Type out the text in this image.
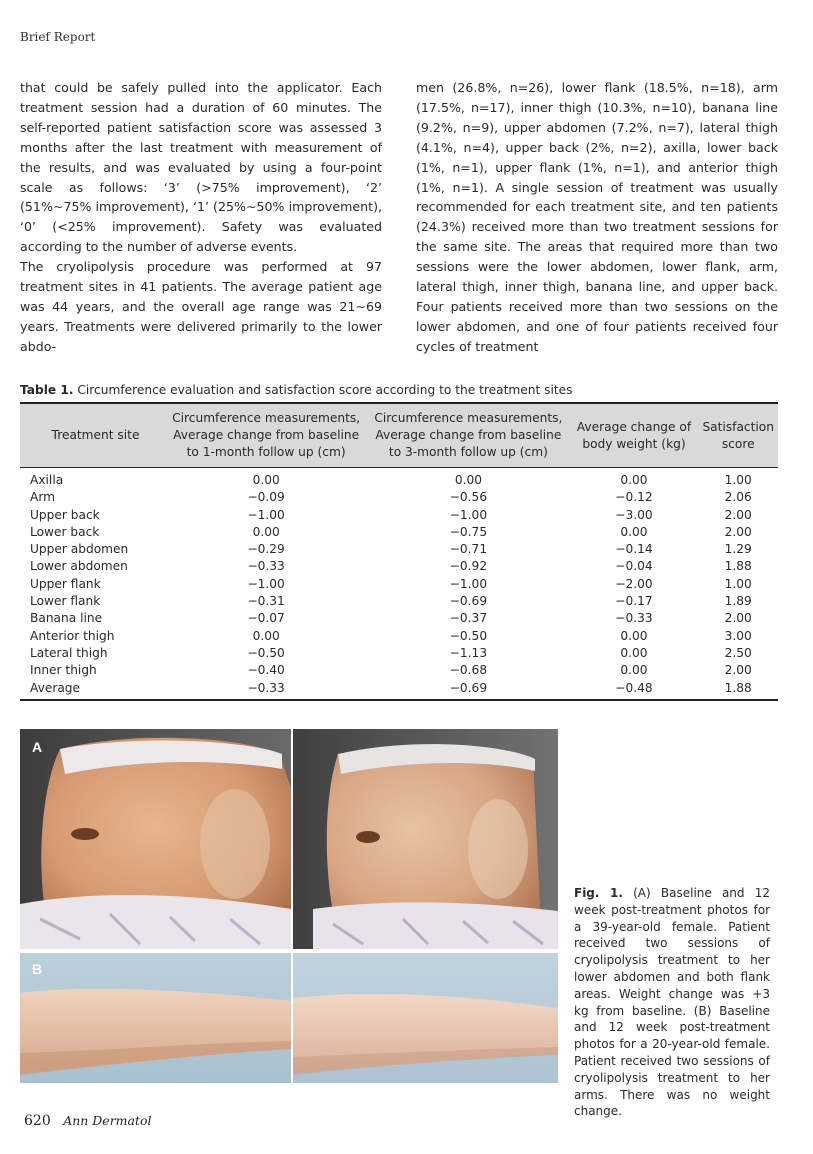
Brief Report

that could be safely pulled into the applicator. Each treatment session had a duration of 60 minutes. The self-reported patient satisfaction score was assessed 3 months after the last treatment with measurement of the results, and was evaluated by using a four-point scale as follows: ‘3’ (>75% improvement), ‘2’ (51%∼75% improvement), ‘1’ (25%∼50% improvement), ‘0’ (<25% improvement). Safety was evaluated according to the number of adverse events.

The cryolipolysis procedure was performed at 97 treatment sites in 41 patients. The average patient age was 44 years, and the overall age range was 21∼69 years. Treatments were delivered primarily to the lower abdo-

men (26.8%, n=26), lower flank (18.5%, n=18), arm (17.5%, n=17), inner thigh (10.3%, n=10), banana line (9.2%, n=9), upper abdomen (7.2%, n=7), lateral thigh (4.1%, n=4), upper back (2%, n=2), axilla, lower back (1%, n=1), upper flank (1%, n=1), and anterior thigh (1%, n=1). A single session of treatment was usually recommended for each treatment site, and ten patients (24.3%) received more than two treatment sessions for the same site. The areas that required more than two sessions were the lower abdomen, lower flank, arm, lateral thigh, inner thigh, banana line, and upper back. Four patients received more than two sessions on the lower abdomen, and one of four patients received four cycles of treatment

Table 1. Circumference evaluation and satisfaction score according to the treatment sites
Treatment site	Circumference measurements, Average change from baseline to 1-month follow up (cm)	Circumference measurements, Average change from baseline to 3-month follow up (cm)	Average change of body weight (kg)	Satisfaction score
Axilla	0.00	0.00	0.00	1.00
Arm	−0.09	−0.56	−0.12	2.06
Upper back	−1.00	−1.00	−3.00	2.00
Lower back	0.00	−0.75	0.00	2.00
Upper abdomen	−0.29	−0.71	−0.14	1.29
Lower abdomen	−0.33	−0.92	−0.04	1.88
Upper flank	−1.00	−1.00	−2.00	1.00
Lower flank	−0.31	−0.69	−0.17	1.89
Banana line	−0.07	−0.37	−0.33	2.00
Anterior thigh	0.00	−0.50	0.00	3.00
Lateral thigh	−0.50	−1.13	0.00	2.50
Inner thigh	−0.40	−0.68	0.00	2.00
Average	−0.33	−0.69	−0.48	1.88
A
B
Fig. 1. (A) Baseline and 12 week post-treatment photos for a 39-year-old female. Patient received two sessions of cryolipolysis treatment to her lower abdomen and both flank areas. Weight change was +3 kg from baseline. (B) Baseline and 12 week post-treatment photos for a 20-year-old female. Patient received two sessions of cryolipolysis treatment to her arms. There was no weight change.
620 Ann Dermatol
